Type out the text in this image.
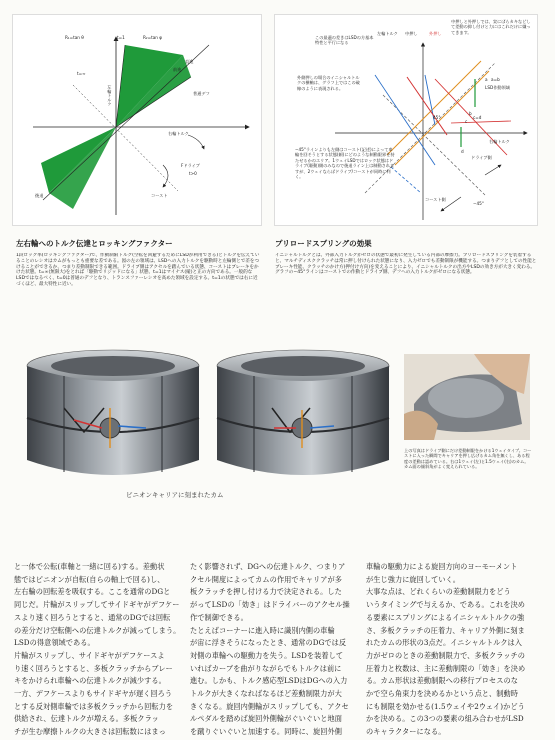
R₁=tan θ	R₂=tan φ
t=1
t=∞
左輪トルク
前進
直進
普通デフ
右輪トルク
Fドライブ
t>0
コースト
後退
中押しと外押しでは、実にばらカキなどして差動の抑し付けと力にはこれだけに嫌ってきます。
この最適の差きはLSDの方基本特性と平行になる
左輪トルク 中押し	外押し
a a=b
LSD作動領域
b
c
d
c=d
外側押しの場合のイニシャルトルクの横軸は、グラフ上ではこの破線のように表現される。
45°
右輪トルク
ドライブ側
コースト側
−45°
−45°ラインよりも左側はコースト(記述)によって車輪を回そうとする状態(頼)にどのような制動限界を持たせるかのエリア。1ウェイLSDではロック状態はドライブ(駆動)側のみなので後退ライン上は制動されますが、2ウェイならばドライブ/コーストが同時に利く。
左右輪へのトルク伝達とロッキングファクター	プリロードスプリングの効果
1段ロック率(ロッキングファクター)で、作動制限トルク(空転を回避するためにLSDが利用できる)とトルクを伝えていることのレシオはカムがもっとも重要な差である。図の左の領域は、LSDへの入力トルクを駆動時と左輪側とで差をつけることができるか、つまり差動制限できる範囲。ドライブ側はアクセルを踏んでいる状態、コーストはブレーキをかけた状態。t=∞(無限大)をとれば「駆動でリジッドになる」状態、t=1はマイナス(縦)と正の方向である。一般的なLSDではなるべく、t=0は普通のデフとなり、トランスファーレシオを高めた領域を設定する。t=1の状態では右に近づくほど、最大特性に近い。
イニシャルトルクとは、外部入力トルクがゼロの状態で最初に発生している内部の摩擦力。プリロードスプリングを装着すると、マルチディスククラッチは常に押し付けられた状態になり、入力ゼロでも差動制限が機能する。つまりデフとしての性能とブレーキ性能、クラッチのかけ方(押付け方向)を変えることにより、イニシャルトルクの出方やLSDの効き方が大きく変わる。グラフの−45°ラインはコーストでの作動とドライブ側、デフへの入力トルクがゼロになる状態。
ピニオンキャリアに刻まれたカム
上の写真はドライブ側にだけ差動制限をかける1ウェイタイプ。コーストに入った瞬間でキャリアを押し広げるカム角を無くし、ある程度の差動は認めている。右は1ウェイ(左)と1.5ウェイ(右)のカム。カム面の傾斜角がよく変えられている。

と一体で公転(車軸と一緒に回る)する。差動状

態ではピニオンが自転(自らの軸上で回る)し、

左右輪の回転差を吸収する。ここを通常のDGと

同じだ。片輪がスリップしてサイドギヤがデフケー

スより速く回ろうとすると、通常のDGでは回転

の差分だけ空転側への伝達トルクが減ってしまう。

LSDの得意領域である。

片輪がスリップし、サイドギヤがデフケースよ

り速く回ろうとすると、多板クラッチからブレー

キをかけられ車輪への伝達トルクが減少する。

一方、デフケースよりもサイドギヤが遅く回ろう

とする反対側車輪では多板クラッチから回転力を

供給され、伝達トルクが増える。多板クラッ

チが生む摩擦トルクの大きさは回転数にはまっ

たく影響されず、DGへの伝達トルク、つまりア

クセル開度によってカムの作用でキャリアが多

板クラッチを押し付ける力で決定される。した

がってLSDの「効き」はドライバーのアクセル操

作で制御できる。

たとえばコーナーに進入時に識別内側の車輪

が宙に浮きそうになったとき、通常のDGでは反

対側の車輪への駆動力を失う。LSDを装着して

いればカーブを曲がりながらでもトルクは前に

進む。しかも、トルク感応型LSDはDGへの入力

トルクが大きくなればなるほど差動制限力が大

きくなる。旋回内側輪がスリップしても、アクセ

ルペダルを踏めば旋回外側輪がぐいぐいと地面

を蹴りぐいぐいと加速する。同時に、旋回外側

車輪の駆動力による旋回方向のヨーモーメント

が生じ強力に旋回していく。

大事な点は、どれくらいの差動制限力をどう

いうタイミングで与えるか、である。これを決め

る要素にスプリングによるイニシャルトルクの強

さ、多板クラッチの圧着力、キャリア外側に刻ま

れたカムの形状の3点だ。イニシャルトルクは入

力がゼロのときの差動制限力で、多板クラッチの

圧着力と枚数は、主に差動制限の「効き」を決め

る。カム形状は差動制限への移行プロセスのな

かで空ら角束力を決めるかという点と、制動時

にも制限を効かせる(1.5ウェイや2ウェイ)かどう

かを決める。この3つの要素の組み合わせがLSD

のキャラクターになる。
